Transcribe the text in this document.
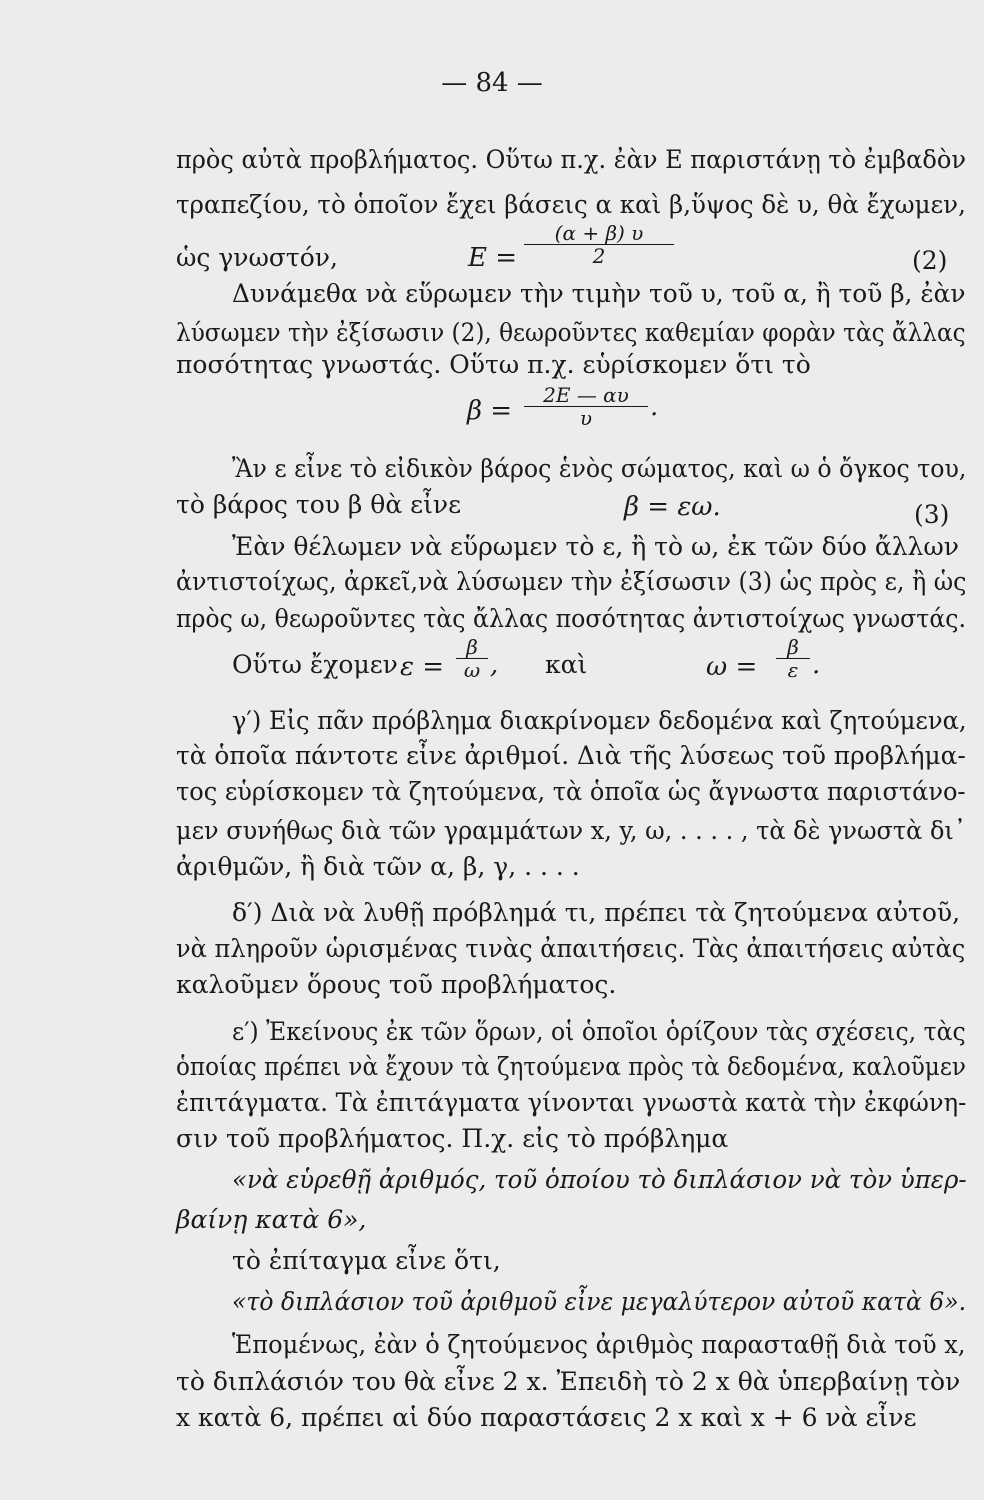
— 84 —
πρὸς αὐτὰ προβλήματος. Οὕτω π.χ. ἐὰν E παριστάνῃ τὸ ἐμβαδὸν
τραπεζίου, τὸ ὁποῖον ἔχει βάσεις α καὶ β,ὕψος δὲ υ, θὰ ἔχωμεν,
ὡς γνωστόν,	$E = \frac{(\alpha + \beta) \upsilon}{2}$	(2)
Δυνάμεθα νὰ εὕρωμεν τὴν τιμὴν τοῦ υ, τοῦ α, ἢ τοῦ β, ἐὰν
λύσωμεν τὴν ἐξίσωσιν (2), θεωροῦντες καθεμίαν φορὰν τὰς ἄλλας
ποσότητας γνωστάς. Οὕτω π.χ. εὑρίσκομεν ὅτι τὸ
$\beta = \frac{2E — \alpha\upsilon}{\upsilon}$ .
Ἂν ε εἶνε τὸ εἰδικὸν βάρος ἑνὸς σώματος, καὶ ω ὁ ὄγκος του,
τὸ βάρος του β θὰ εἶνε	β = εω.	(3)
Ἐὰν θέλωμεν νὰ εὕρωμεν τὸ ε, ἢ τὸ ω, ἐκ τῶν δύο ἄλλων
ἀντιστοίχως, ἀρκεῖ,νὰ λύσωμεν τὴν ἐξίσωσιν (3) ὡς πρὸς ε, ἢ ὡς
πρὸς ω, θεωροῦντες τὰς ἄλλας ποσότητας ἀντιστοίχως γνωστάς.
Οὕτω ἔχομεν $\varepsilon = \frac{\beta}{\omega}$ , καὶ	$\omega = \frac{\beta}{\varepsilon}$ .
γ′) Εἰς πᾶν πρόβλημα διακρίνομεν δεδομένα καὶ ζητούμενα,
τὰ ὁποῖα πάντοτε εἶνε ἀριθμοί. Διὰ τῆς λύσεως τοῦ προβλήμα-
τος εὑρίσκομεν τὰ ζητούμενα, τὰ ὁποῖα ὡς ἄγνωστα παριστάνο-
μεν συνήθως διὰ τῶν γραμμάτων x, y, ω, . . . . , τὰ δὲ γνωστὰ δι᾽
ἀριθμῶν, ἢ διὰ τῶν α, β, γ, . . . .
δ′) Διὰ νὰ λυθῇ πρόβλημά τι, πρέπει τὰ ζητούμενα αὐτοῦ,
νὰ πληροῦν ὡρισμένας τινὰς ἀπαιτήσεις. Τὰς ἀπαιτήσεις αὐτὰς
καλοῦμεν ὅρους τοῦ προβλήματος.
ε′) Ἐκείνους ἐκ τῶν ὅρων, οἱ ὁποῖοι ὁρίζουν τὰς σχέσεις, τὰς
ὁποίας πρέπει νὰ ἔχουν τὰ ζητούμενα πρὸς τὰ δεδομένα, καλοῦμεν
ἐπιτάγματα. Τὰ ἐπιτάγματα γίνονται γνωστὰ κατὰ τὴν ἐκφώνη-
σιν τοῦ προβλήματος. Π.χ. εἰς τὸ πρόβλημα
«νὰ εὑρεθῇ ἀριθμός, τοῦ ὁποίου τὸ διπλάσιον νὰ τὸν ὑπερ-
βαίνῃ κατὰ 6»,
τὸ ἐπίταγμα εἶνε ὅτι,
«τὸ διπλάσιον τοῦ ἀριθμοῦ εἶνε μεγαλύτερον αὐτοῦ κατὰ 6».
Ἑπομένως, ἐὰν ὁ ζητούμενος ἀριθμὸς παρασταθῇ διὰ τοῦ x,
τὸ διπλάσιόν του θὰ εἶνε 2 x. Ἐπειδὴ τὸ 2 x θὰ ὑπερβαίνῃ τὸν
x κατὰ 6, πρέπει αἱ δύο παραστάσεις 2 x καὶ x + 6 νὰ εἶνε
